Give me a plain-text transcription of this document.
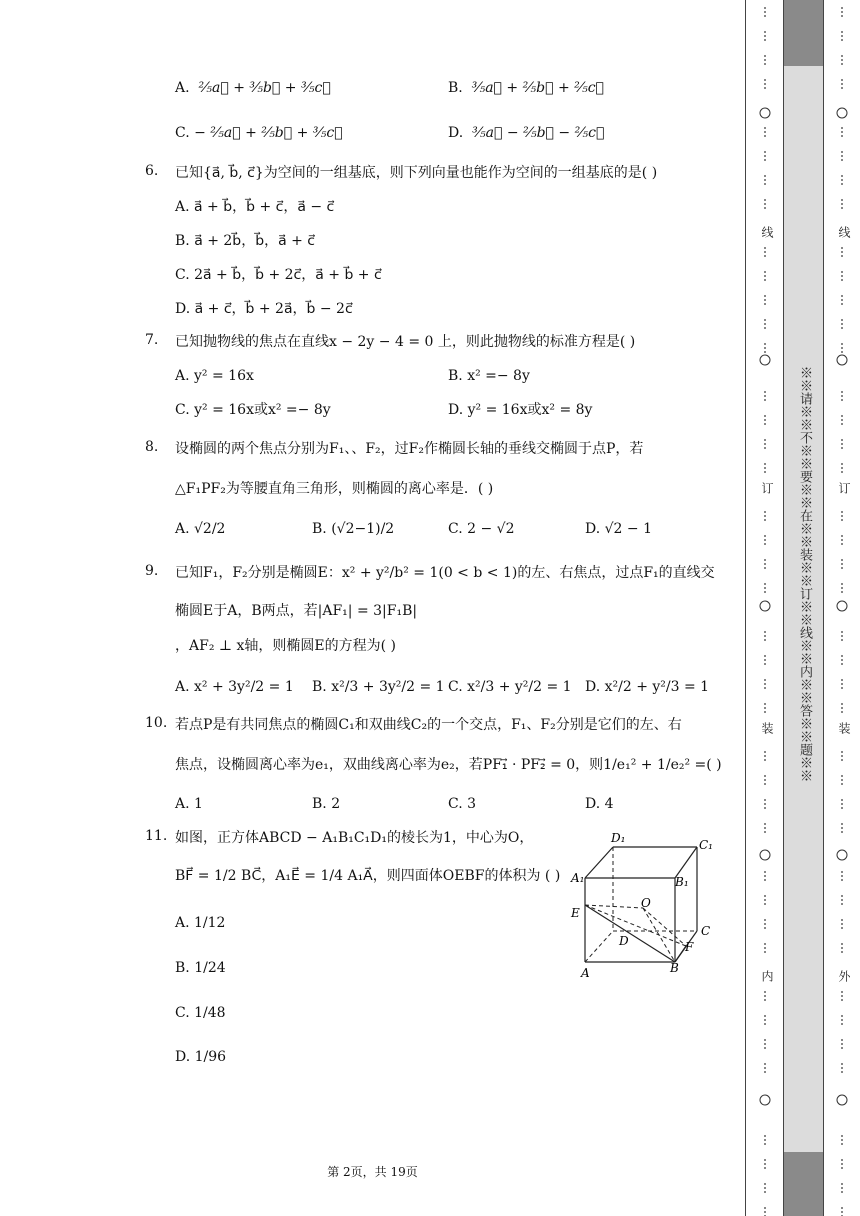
A.  ²⁄₅a⃗ + ³⁄₅b⃗ + ³⁄₅c⃗	B.  ³⁄₅a⃗ + ²⁄₅b⃗ + ²⁄₅c⃗
C. − ²⁄₅a⃗ + ²⁄₅b⃗ + ³⁄₅c⃗	D.  ³⁄₅a⃗ − ²⁄₅b⃗ − ²⁄₅c⃗
6.	已知{a⃗, b⃗, c⃗}为空间的一组基底，则下列向量也能作为空间的一组基底的是( )
A. a⃗ + b⃗，b⃗ + c⃗，a⃗ − c⃗
B. a⃗ + 2b⃗，b⃗，a⃗ + c⃗
C. 2a⃗ + b⃗，b⃗ + 2c⃗，a⃗ + b⃗ + c⃗
D. a⃗ + c⃗，b⃗ + 2a⃗，b⃗ − 2c⃗
7.	已知抛物线的焦点在直线x − 2y − 4 = 0 上，则此抛物线的标准方程是( )
A. y² = 16x	B. x² =− 8y
C. y² = 16x或x² =− 8y	D. y² = 16x或x² = 8y
8.	设椭圆的两个焦点分别为F₁、、F₂，过F₂作椭圆长轴的垂线交椭圆于点P，若
△F₁PF₂为等腰直角三角形，则椭圆的离心率是．( )
A. √2/2	B. (√2−1)/2	C. 2 − √2	D. √2 − 1
9.	已知F₁，F₂分别是椭圆E：x² + y²/b² = 1(0 < b < 1)的左、右焦点，过点F₁的直线交
椭圆E于A，B两点，若|AF₁| = 3|F₁B|
，AF₂ ⊥ x轴，则椭圆E的方程为( )
A. x² + 3y²/2 = 1 B. x²/3 + 3y²/2 = 1 C. x²/3 + y²/2 = 1 D. x²/2 + y²/3 = 1
10. 若点P是有共同焦点的椭圆C₁和双曲线C₂的一个交点，F₁、F₂分别是它们的左、右
焦点，设椭圆离心率为e₁，双曲线离心率为e₂，若PF₁⃗ · PF₂⃗ = 0，则1/e₁² + 1/e₂² =( )
A. 1	B. 2	C. 3	D. 4
11. 如图，正方体ABCD − A₁B₁C₁D₁的棱长为1，中心为O，
BF⃗ = 1/2 BC⃗，A₁E⃗ = 1/4 A₁A⃗，则四面体OEBF的体积为 ( )
A. 1/12
B. 1/24
C. 1/48
D. 1/96
D₁	C₁
A₁	B₁
O
E
D
C
F
A	B
第 2页，共 19页
线
订
装
内
线
订
装
外
※※请※※不※※要※※在※※装※※订※※线※※内※※答※※题※※
